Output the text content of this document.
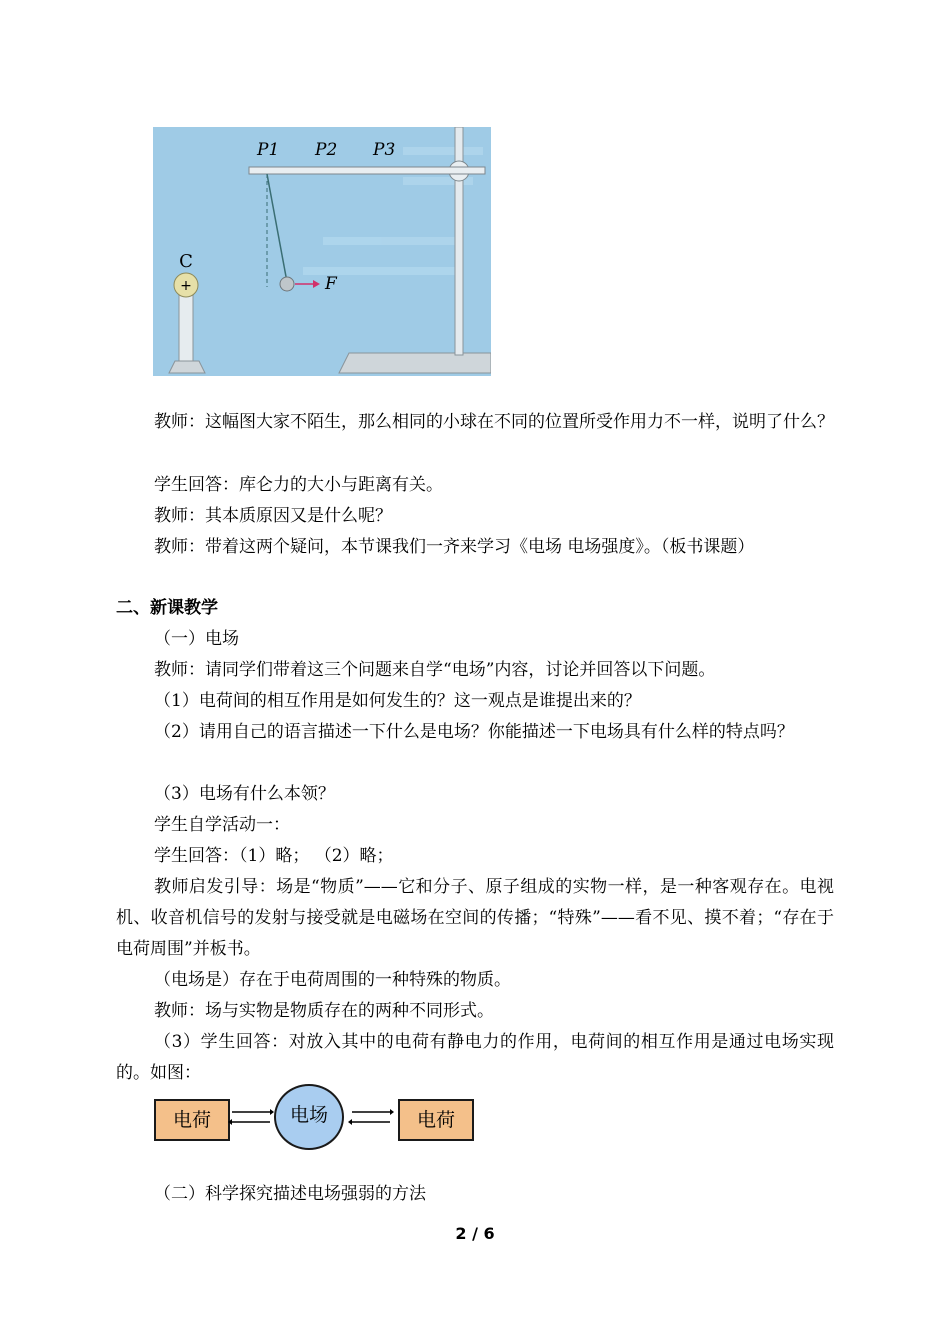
+
C
F
P1 P2 P3

教师：这幅图大家不陌生，那么相同的小球在不同的位置所受作用力不一样，说明了什么？

学生回答：库仑力的大小与距离有关。

教师：其本质原因又是什么呢？

教师：带着这两个疑问，本节课我们一齐来学习《电场 电场强度》。（板书课题）

二、新课教学

（一）电场

教师：请同学们带着这三个问题来自学“电场”内容，讨论并回答以下问题。

（1）电荷间的相互作用是如何发生的？这一观点是谁提出来的？

（2）请用自己的语言描述一下什么是电场？你能描述一下电场具有什么样的特点吗？

（3）电场有什么本领？

学生自学活动一：

学生回答：（1）略； （2）略；

教师启发引导：场是“物质”——它和分子、原子组成的实物一样，是一种客观存在。电视机、收音机信号的发射与接受就是电磁场在空间的传播；“特殊”——看不见、摸不着；“存在于电荷周围”并板书。

（电场是）存在于电荷周围的一种特殊的物质。

教师：场与实物是物质存在的两种不同形式。

（3）学生回答：对放入其中的电荷有静电力的作用，电荷间的相互作用是通过电场实现的。如图：

电荷	电场	电荷

（二）科学探究描述电场强弱的方法

2 / 6
